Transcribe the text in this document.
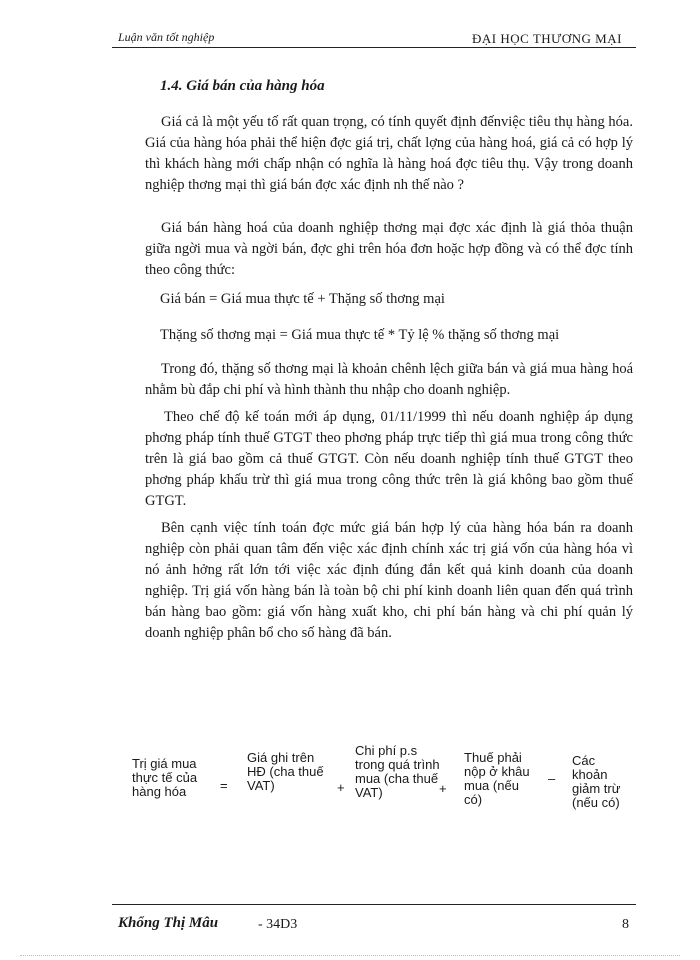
Luận văn tốt nghiệp	ĐẠI HỌC THƯƠNG MẠI
1.4. Giá bán của hàng hóa

Giá cả là một yếu tố rất quan trọng, có tính quyết định đếnviệc tiêu thụ hàng hóa. Giá của hàng hóa phải thể hiện đợc giá trị, chất lợng của hàng hoá, giá cả có hợp lý thì khách hàng mới chấp nhận có nghĩa là hàng hoá đợc tiêu thụ. Vậy trong doanh nghiệp thơng mại thì giá bán đợc xác định nh thế nào ?

Giá bán hàng hoá của doanh nghiệp thơng mại đợc xác định là giá thỏa thuận giữa ngời mua và ngời bán, đợc ghi trên hóa đơn hoặc hợp đồng và có thể đợc tính theo công thức:

Giá bán = Giá mua thực tế + Thặng số thơng mại

Thặng số thơng mại = Giá mua thực tế * Tỷ lệ % thặng số thơng mại

Trong đó, thặng số thơng mại là khoản chênh lệch giữa bán và giá mua hàng hoá nhằm bù đắp chi phí và hình thành thu nhập cho doanh nghiệp.

Theo chế độ kế toán mới áp dụng, 01/11/1999 thì nếu doanh nghiệp áp dụng phơng pháp tính thuế GTGT theo phơng pháp trực tiếp thì giá mua trong công thức trên là giá bao gồm cả thuế GTGT. Còn nếu doanh nghiệp tính thuế GTGT theo phơng pháp khấu trừ thì giá mua trong công thức trên là giá không bao gồm thuế GTGT.

Bên cạnh việc tính toán đợc mức giá bán hợp lý của hàng hóa bán ra doanh nghiệp còn phải quan tâm đến việc xác định chính xác trị giá vốn của hàng hóa vì nó ảnh hởng rất lớn tới việc xác định đúng đắn kết quả kinh doanh của doanh nghiệp. Trị giá vốn hàng bán là toàn bộ chi phí kinh doanh liên quan đến quá trình bán hàng bao gồm: giá vốn hàng xuất kho, chi phí bán hàng và chi phí quản lý doanh nghiệp phân bổ cho số hàng đã bán.

Trị giá mua thực tế của hàng hóa	=
Giá ghi trên HĐ (cha thuế VAT)	+
Chi phí p.s trong quá trình mua (cha thuế VAT)	+
Thuế phải nộp ở khâu mua (nếu có)
–
Các khoản giảm trừ (nếu có)
Khổng Thị Mâu	- 34D3	8
